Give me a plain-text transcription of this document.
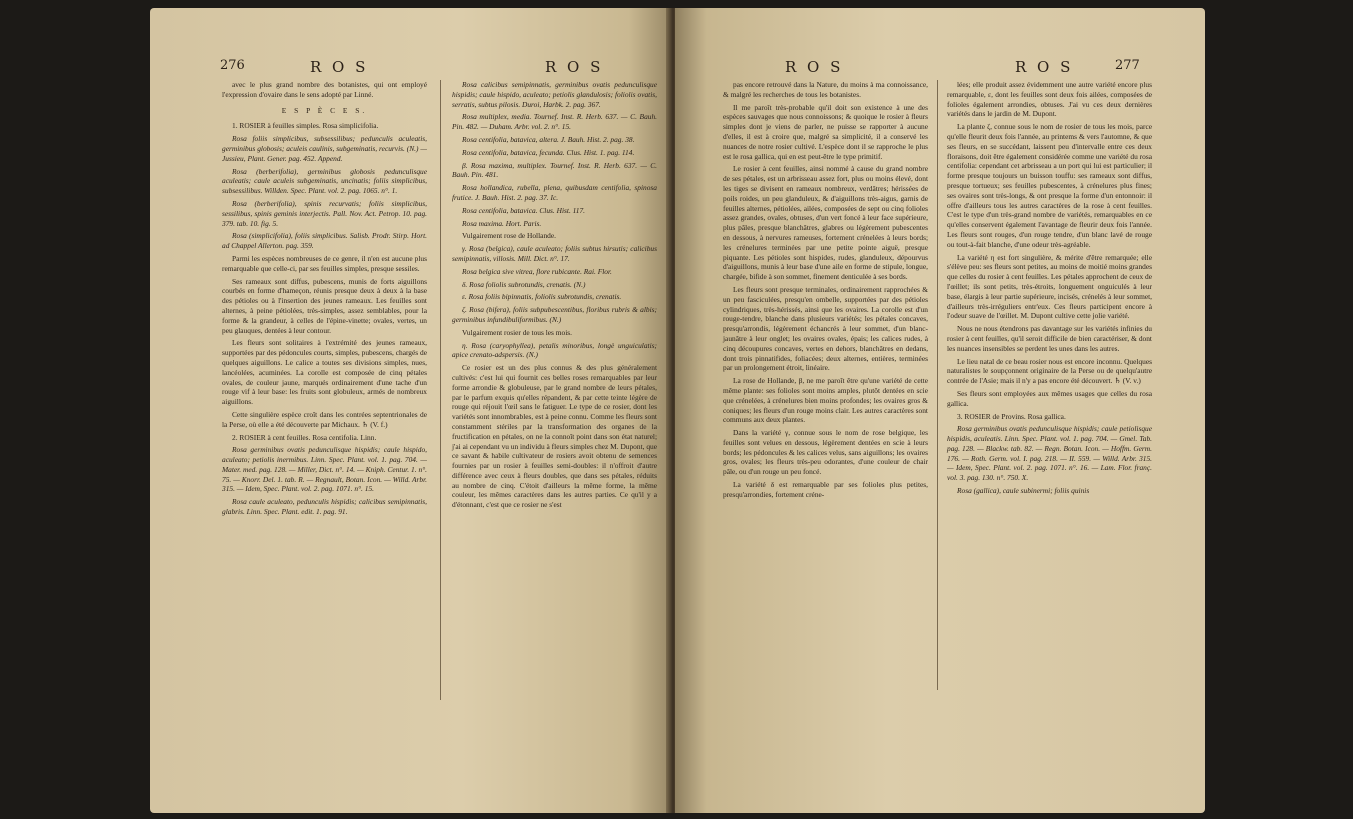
276	R O S	R O S

avec le plus grand nombre des botanistes, qui ont employé l'expression d'ovaire dans le sens adopté par Linné.

E S P È C E S.

1. ROSIER à feuilles simples. Rosa simplicifolia.

Rosa foliis simplicibus, subsessilibus; pedunculis aculeatis, germinibus globosis; aculeis caulinis, subgeminatis, recurvis. (N.) — Jussieu, Plant. Gener. pag. 452. Append.

Rosa (berberifolia), germinibus globosis pedunculisque aculeatis; caule aculeis subgeminatis, uncinatis; foliis simplicibus, subsessilibus. Willden. Spec. Plant. vol. 2. pag. 1065. n°. 1.

Rosa (berberifolia), spinis recurvatis; foliis simplicibus, sessilibus, spinis geminis interjectis. Pall. Nov. Act. Petrop. 10. pag. 379. tab. 10. fig. 5.

Rosa (simplicifolia), foliis simplicibus. Salisb. Prodr. Stirp. Hort. ad Chappel Allerton. pag. 359.

Parmi les espèces nombreuses de ce genre, il n'en est aucune plus remarquable que celle-ci, par ses feuilles simples, presque sessiles.

Ses rameaux sont diffus, pubescens, munis de forts aiguillons courbés en forme d'hameçon, réunis presque deux à deux à la base des pétioles ou à l'insertion des jeunes rameaux. Les feuilles sont alternes, à peine pétiolées, très-simples, assez semblables, pour la forme & la grandeur, à celles de l'épine-vinette; ovales, vertes, un peu glauques, dentées à leur contour.

Les fleurs sont solitaires à l'extrémité des jeunes rameaux, supportées par des pédoncules courts, simples, pubescens, chargés de quelques aiguillons. Le calice a toutes ses divisions simples, nues, lancéolées, acuminées. La corolle est composée de cinq pétales ovales, de couleur jaune, marqués ordinairement d'une tache d'un rouge vif à leur base: les fruits sont globuleux, armés de nombreux aiguillons.

Cette singulière espèce croît dans les contrées septentrionales de la Perse, où elle a été découverte par Michaux. ♄ (V. f.)

2. ROSIER à cent feuilles. Rosa centifolia. Linn.

Rosa germinibus ovatis pedunculisque hispidis; caule hispido, aculeato; petiolis inermibus. Linn. Spec. Plant. vol. 1. pag. 704. — Mater. med. pag. 128. — Miller, Dict. n°. 14. — Kniph. Centur. 1. n°. 75. — Knorr. Del. 1. tab. R. — Regnault, Botan. Icon. — Willd. Arbr. 315. — Idem, Spec. Plant. vol. 2. pag. 1071. n°. 15.

Rosa caule aculeato, pedunculis hispidis; calicibus semipinnatis, glabris. Linn. Spec. Plant. edit. 1. pag. 91.

Rosa calicibus semipinnatis, germinibus ovatis pedunculisque hispidis; caule hispido, aculeato; petiolis glandulosis; foliolis ovatis, serratis, subtus pilosis. Duroi, Harbk. 2. pag. 367.

Rosa multiplex, media. Tournef. Inst. R. Herb. 637. — C. Bauh. Pin. 482. — Duham. Arbr. vol. 2. n°. 15.

Rosa centifolia, batavica, altera. J. Bauh. Hist. 2. pag. 38.

Rosa centifolia, batavica, fecunda. Clus. Hist. 1. pag. 114.

β. Rosa maxima, multiplex. Tournef. Inst. R. Herb. 637. — C. Bauh. Pin. 481.

Rosa hollandica, rubella, plena, quibusdam centifolia, spinosa frutice. J. Bauh. Hist. 2. pag. 37. Ic.

Rosa centifolia, batavica. Clus. Hist. 117.

Rosa maxima. Hort. Paris.

Vulgairement rose de Hollande.

γ. Rosa (belgica), caule aculeato; foliis subtus hirsutis; calicibus semipinnatis, villosis. Mill. Dict. n°. 17.

Rosa belgica sive vitrea, flore rubicante. Rai. Flor.

δ. Rosa foliolis subrotundis, crenatis. (N.)

ε. Rosa foliis bipinnatis, foliolis subrotundis, crenatis.

ζ. Rosa (bifera), foliis subpubescentibus, floribus rubris & albis; germinibus infundibuliformibus. (N.)

Vulgairement rosier de tous les mois.

η. Rosa (caryophyllea), petalis minoribus, longè unguiculatis; apice crenato-adspersis. (N.)

Ce rosier est un des plus connus & des plus généralement cultivés: c'est lui qui fournit ces belles roses remarquables par leur forme arrondie & globuleuse, par le grand nombre de leurs pétales, par le parfum exquis qu'elles répandent, & par cette teinte légère de rouge qui réjouit l'œil sans le fatiguer. Le type de ce rosier, dont les variétés sont innombrables, est à peine connu. Comme les fleurs sont constamment stériles par la transformation des organes de la fructification en pétales, on ne la connoît point dans son état naturel; j'ai ai cependant vu un individu à fleurs simples chez M. Dupont, que ce savant & habile cultivateur de rosiers avoit obtenu de semences fournies par un rosier à feuilles semi-doubles: il n'offroit d'autre différence avec ceux à fleurs doubles, que dans ses pétales, réduits au nombre de cinq. C'étoit d'ailleurs la même forme, la même couleur, les mêmes caractères dans les autres parties. Ce qu'il y a d'étonnant, c'est que ce rosier ne s'est

R O S	R O S	277

pas encore retrouvé dans la Nature, du moins à ma connoissance, & malgré les recherches de tous les botanistes.

Il me paroît très-probable qu'il doit son existence à une des espèces sauvages que nous connoissons; & quoique le rosier à fleurs simples dont je viens de parler, ne puisse se rapporter à aucune d'elles, il est à croire que, malgré sa simplicité, il a conservé les nuances de notre rosier cultivé. L'espèce dont il se rapproche le plus est le rosa gallica, qui en est peut-être le type primitif.

Le rosier à cent feuilles, ainsi nommé à cause du grand nombre de ses pétales, est un arbrisseau assez fort, plus ou moins élevé, dont les tiges se divisent en rameaux nombreux, verdâtres; hérissées de poils roides, un peu glanduleux, & d'aiguillons très-aigus, garnis de feuilles alternes, pétiolées, ailées, composées de sept ou cinq folioles assez grandes, ovales, obtuses, d'un vert foncé à leur face supérieure, plus pâles, presque blanchâtres, glabres ou légèrement pubescentes en dessous, à nervures rameuses, fortement crénelées à leurs bords; les crénelures terminées par une petite pointe aiguë, presque piquante. Les pétioles sont hispides, rudes, glanduleux, dépourvus d'aiguillons, munis à leur base d'une aile en forme de stipule, longue, chargée, bifide à son sommet, finement denticulée à ses bords.

Les fleurs sont presque terminales, ordinairement rapprochées & un peu fasciculées, presqu'en ombelle, supportées par des pétioles cylindriques, très-hérissés, ainsi que les ovaires. La corolle est d'un rouge-tendre, blanche dans plusieurs variétés; les pétales concaves, presqu'arrondis, légèrement échancrés à leur sommet, d'un blanc-jaunâtre à leur onglet; les ovaires ovales, épais; les calices rudes, à cinq découpures concaves, vertes en dehors, blanchâtres en dedans, dont trois pinnatifides, foliacées; deux alternes, entières, terminées par un prolongement étroit, linéaire.

La rose de Hollande, β, ne me paroît être qu'une variété de cette même plante: ses folioles sont moins amples, plutôt dentées en scie que crénelées, à crénelures bien moins profondes; les ovaires gros & coniques; les fleurs d'un rouge moins clair. Les autres caractères sont communs aux deux plantes.

Dans la variété γ, connue sous le nom de rose belgique, les feuilles sont velues en dessous, légèrement dentées en scie à leurs bords; les pédoncules & les calices velus, sans aiguillons; les ovaires gros, ovales; les fleurs très-peu odorantes, d'une couleur de chair pâle, ou d'un rouge un peu foncé.

La variété δ est remarquable par ses folioles plus petites, presqu'arrondies, fortement créne-

lées; elle produit assez évidemment une autre variété encore plus remarquable, ε, dont les feuilles sont deux fois ailées, composées de folioles également arrondies, obtuses. J'ai vu ces deux dernières variétés dans le jardin de M. Dupont.

La plante ζ, connue sous le nom de rosier de tous les mois, parce qu'elle fleurit deux fois l'année, au printems & vers l'automne, & que ses fleurs, en se succédant, laissent peu d'intervalle entre ces deux floraisons, doit être également considérée comme une variété du rosa centifolia: cependant cet arbrisseau a un port qui lui est particulier; il forme presque toujours un buisson touffu: ses rameaux sont diffus, presque tortueux; ses feuilles pubescentes, à crénelures plus fines; ses ovaires sont très-longs, & ont presque la forme d'un entonnoir: il offre d'ailleurs tous les autres caractères de la rose à cent feuilles. C'est le type d'un très-grand nombre de variétés, remarquables en ce qu'elles conservent également l'avantage de fleurir deux fois l'année. Les fleurs sont rouges, d'un rouge tendre, d'un blanc lavé de rouge ou tout-à-fait blanche, d'une odeur très-agréable.

La variété η est fort singulière, & mérite d'être remarquée; elle s'élève peu: ses fleurs sont petites, au moins de moitié moins grandes que celles du rosier à cent feuilles. Les pétales approchent de ceux de l'œillet; ils sont petits, très-étroits, longuement onguiculés à leur base, élargis à leur partie supérieure, incisés, crénelés à leur sommet, d'ailleurs très-irréguliers entr'eux. Ces fleurs participent encore à l'odeur suave de l'œillet. M. Dupont cultive cette jolie variété.

Nous ne nous étendrons pas davantage sur les variétés infinies du rosier à cent feuilles, qu'il seroit difficile de bien caractériser, & dont les nuances insensibles se perdent les unes dans les autres.

Le lieu natal de ce beau rosier nous est encore inconnu. Quelques naturalistes le soupçonnent originaire de la Perse ou de quelqu'autre contrée de l'Asie; mais il n'y a pas encore été découvert. ♄ (V. v.)

Ses fleurs sont employées aux mêmes usages que celles du rosa gallica.

3. ROSIER de Provins. Rosa gallica.

Rosa germinibus ovatis pedunculisque hispidis; caule petiolisque hispidis, aculeatis. Linn. Spec. Plant. vol. 1. pag. 704. — Gmel. Tab. pag. 128. — Blackw. tab. 82. — Regn. Botan. Icon. — Hoffm. Germ. 176. — Roth. Germ. vol. I. pag. 218. — II. 559. — Willd. Arbr. 315. — Idem, Spec. Plant. vol. 2. pag. 1071. n°. 16. — Lam. Flor. franç. vol. 3. pag. 130. n°. 750. X.

Rosa (gallica), caule subinermi; foliis quinis
